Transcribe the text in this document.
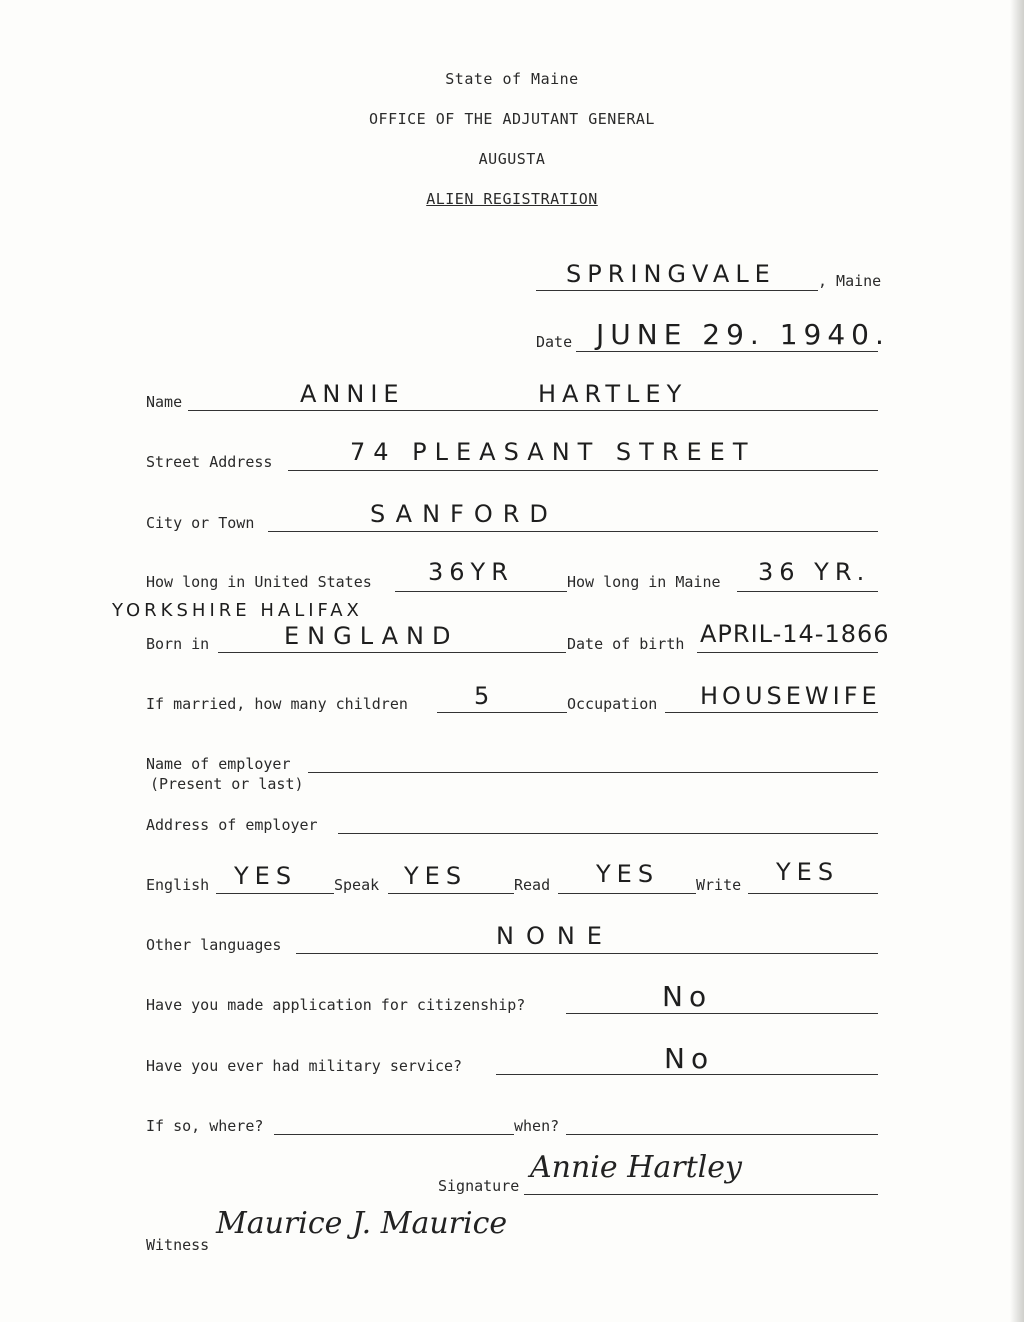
State of Maine
OFFICE OF THE ADJUTANT GENERAL
AUGUSTA
ALIEN REGISTRATION
SPRINGVALE	, Maine
Date JUNE 29. 1940.
Name	ANNIE	HARTLEY
Street Address	74 PLEASANT STREET
City or Town	SANFORD
How long in United States 36YR	How long in Maine 36 YR.
YORKSHIRE HALIFAX
Born in	ENGLAND	Date of birth APRIL-14-1866
If married, how many children	5	Occupation HOUSEWIFE
Name of employer
(Present or last)
Address of employer
English YES Speak YES	Read YES Write YES
Other languages	NONE
Have you made application for citizenship?	No
Have you ever had military service?	No
If so, where?	when?
Signature
Annie Hartley
Witness
Maurice J. Maurice
